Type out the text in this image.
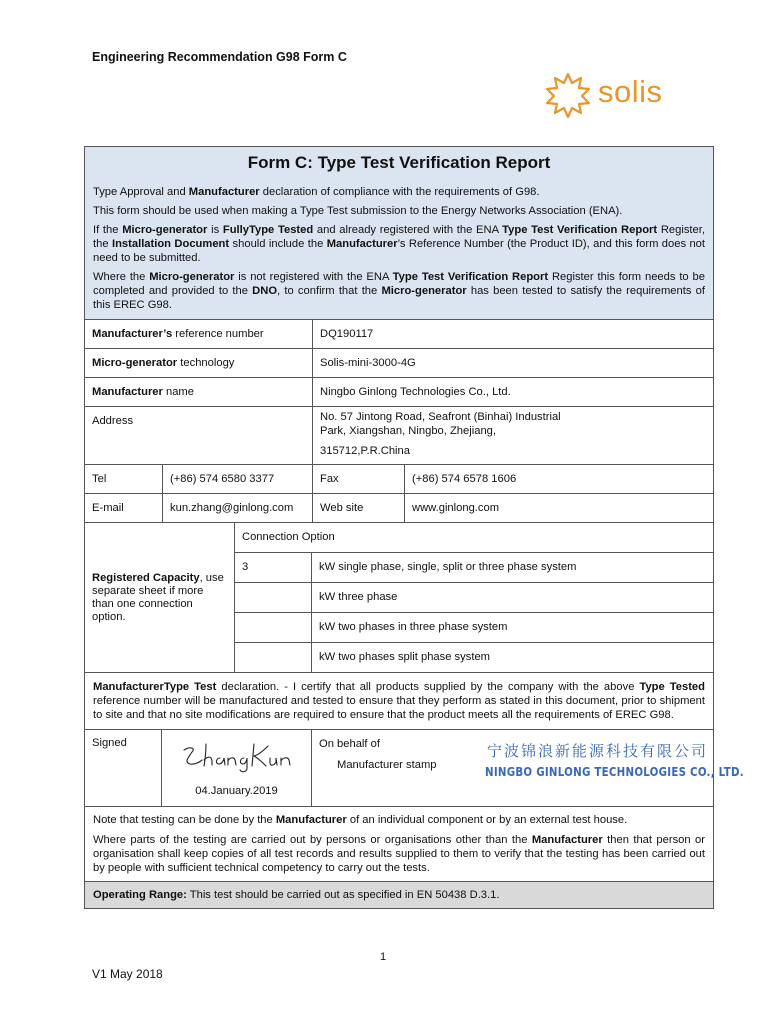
Engineering Recommendation G98 Form C
solis
Form C: Type Test Verification Report

Type Approval and Manufacturer declaration of compliance with the requirements of G98.

This form should be used when making a Type Test submission to the Energy Networks Association (ENA).

If the Micro-generator is FullyType Tested and already registered with the ENA Type Test Verification Report Register, the Installation Document should include the Manufacturer’s Reference Number (the Product ID), and this form does not need to be submitted.

Where the Micro-generator is not registered with the ENA Type Test Verification Report Register this form needs to be completed and provided to the DNO, to confirm that the Micro-generator has been tested to satisfy the requirements of this EREC G98.

Manufacturer’s reference number	DQ190117
Micro-generator technology	Solis-mini-3000-4G
Manufacturer name	Ningbo Ginlong Technologies Co., Ltd.
Address	No. 57 Jintong Road, Seafront (Binhai) Industrial
Park, Xiangshan, Ningbo, Zhejiang,
315712,P.R.China
Tel	(+86) 574 6580 3377	Fax	(+86) 574 6578 1606
E-mail	kun.zhang@ginlong.com	Web site	www.ginlong.com
Registered Capacity, use separate sheet if more than one connection option.
Connection Option
3	kW single phase, single, split or three phase system
kW three phase
kW two phases in three phase system
kW two phases split phase system
ManufacturerType Test declaration. - I certify that all products supplied by the company with the above Type Tested reference number will be manufactured and tested to ensure that they perform as stated in this document, prior to shipment to site and that no site modifications are required to ensure that the product meets all the requirements of EREC G98.
Signed
04.January.2019
On behalf of
Manufacturer stamp
宁波锦浪新能源科技有限公司
NINGBO GINLONG TECHNOLOGIES CO., LTD.

Note that testing can be done by the Manufacturer of an individual component or by an external test house.

Where parts of the testing are carried out by persons or organisations other than the Manufacturer then that person or organisation shall keep copies of all test records and results supplied to them to verify that the testing has been carried out by people with sufficient technical competency to carry out the tests.

Operating Range: This test should be carried out as specified in EN 50438 D.3.1.
1
V1 May 2018
